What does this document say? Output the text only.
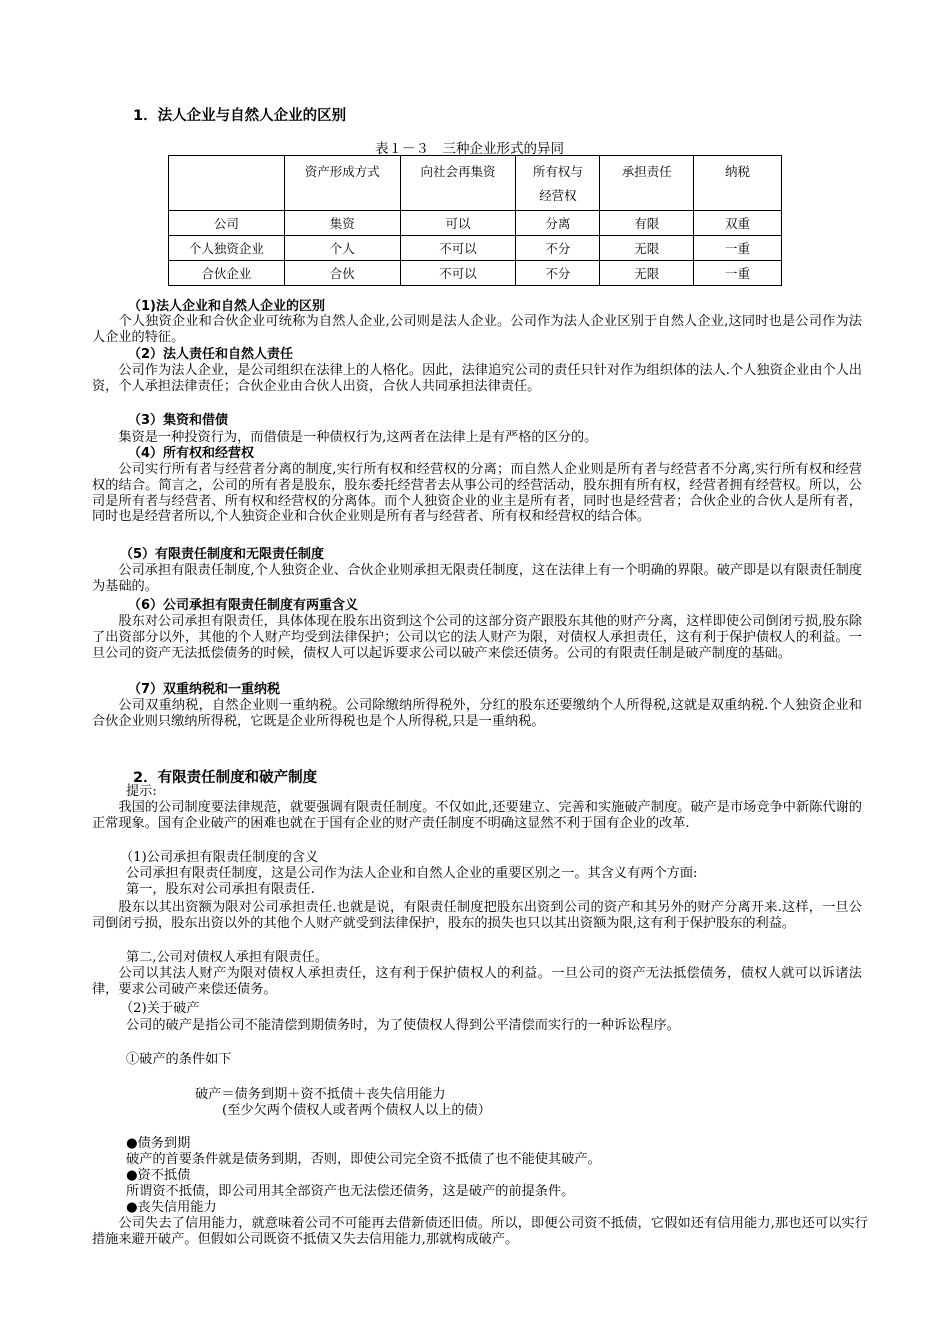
1．法人企业与自然人企业的区别
表１－３　三种企业形式的异同
	资产形成方式	向社会再集资	所有权与经营权	承担责任	纳税
公司	集资	可以	分离	有限	双重
个人独资企业	个人	不可以	不分	无限	一重
合伙企业	合伙	不可以	不分	无限	一重
（1)法人企业和自然人企业的区别
个人独资企业和合伙企业可统称为自然人企业,公司则是法人企业。公司作为法人企业区别于自然人企业,这同时也是公司作为法人企业的特征。
（2）法人责任和自然人责任
公司作为法人企业，是公司组织在法律上的人格化。因此，法律追究公司的责任只针对作为组织体的法人.个人独资企业由个人出资，个人承担法律责任；合伙企业由合伙人出资，合伙人共同承担法律责任。
（3）集资和借债
集资是一种投资行为，而借债是一种债权行为,这两者在法律上是有严格的区分的。
（4）所有权和经营权
公司实行所有者与经营者分离的制度,实行所有权和经营权的分离；而自然人企业则是所有者与经营者不分离,实行所有权和经营权的结合。简言之，公司的所有者是股东，股东委托经营者去从事公司的经营活动，股东拥有所有权，经营者拥有经营权。所以，公司是所有者与经营者、所有权和经营权的分离体。而个人独资企业的业主是所有者，同时也是经营者；合伙企业的合伙人是所有者，同时也是经营者所以,个人独资企业和合伙企业则是所有者与经营者、所有权和经营权的结合体。
（5）有限责任制度和无限责任制度
公司承担有限责任制度,个人独资企业、合伙企业则承担无限责任制度，这在法律上有一个明确的界限。破产即是以有限责任制度为基础的。
（6）公司承担有限责任制度有两重含义
股东对公司承担有限责任，具体体现在股东出资到这个公司的这部分资产跟股东其他的财产分离，这样即使公司倒闭亏损,股东除了出资部分以外，其他的个人财产均受到法律保护；公司以它的法人财产为限，对债权人承担责任，这有利于保护债权人的利益。一旦公司的资产无法抵偿债务的时候，债权人可以起诉要求公司以破产来偿还债务。公司的有限责任制是破产制度的基础。
（7）双重纳税和一重纳税
公司双重纳税，自然企业则一重纳税。公司除缴纳所得税外，分红的股东还要缴纳个人所得税,这就是双重纳税.个人独资企业和合伙企业则只缴纳所得税，它既是企业所得税也是个人所得税,只是一重纳税。
2．有限责任制度和破产制度
提示:
我国的公司制度要法律规范，就要强调有限责任制度。不仅如此,还要建立、完善和实施破产制度。破产是市场竞争中新陈代谢的正常现象。国有企业破产的困难也就在于国有企业的财产责任制度不明确这显然不利于国有企业的改革.
（1)公司承担有限责任制度的含义
公司承担有限责任制度，这是公司作为法人企业和自然人企业的重要区别之一。其含义有两个方面:
第一，股东对公司承担有限责任.
股东以其出资额为限对公司承担责任.也就是说，有限责任制度把股东出资到公司的资产和其另外的财产分离开来.这样，一旦公司倒闭亏损，股东出资以外的其他个人财产就受到法律保护，股东的损失也只以其出资额为限,这有利于保护股东的利益。
第二,公司对债权人承担有限责任。
公司以其法人财产为限对债权人承担责任，这有利于保护债权人的利益。一旦公司的资产无法抵偿债务，债权人就可以诉诸法律，要求公司破产来偿还债务。
（2)关于破产
公司的破产是指公司不能清偿到期债务时，为了使债权人得到公平清偿而实行的一种诉讼程序。
①破产的条件如下
破产＝债务到期＋资不抵债＋丧失信用能力
(至少欠两个债权人或者两个债权人以上的债）
●债务到期
破产的首要条件就是债务到期，否则，即使公司完全资不抵债了也不能使其破产。
●资不抵债
所谓资不抵债，即公司用其全部资产也无法偿还债务，这是破产的前提条件。
●丧失信用能力
公司失去了信用能力，就意味着公司不可能再去借新债还旧债。所以，即便公司资不抵债，它假如还有信用能力,那也还可以实行措施来避开破产。但假如公司既资不抵债又失去信用能力,那就构成破产。
